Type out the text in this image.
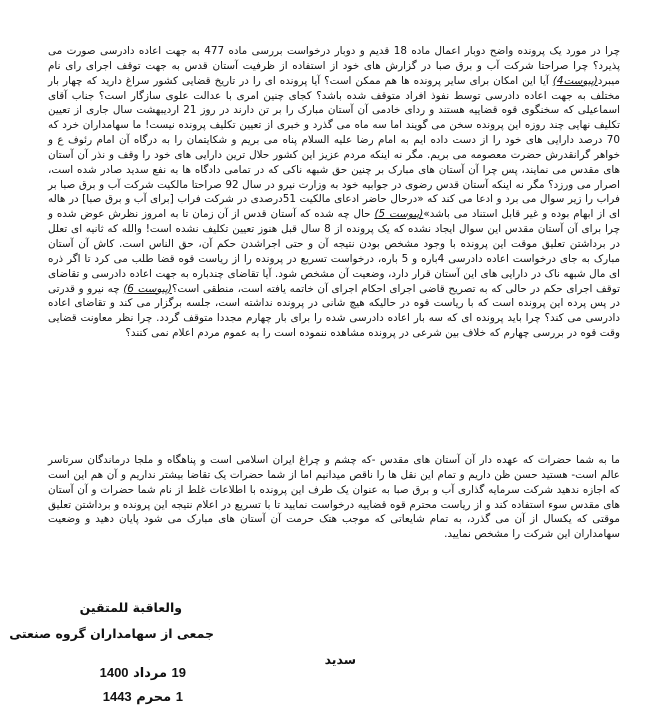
چرا در مورد یک پرونده واضح دوبار اعمال ماده 18 قدیم و دوبار درخواست بررسی ماده 477 به جهت اعاده دادرسی صورت می پذیرد؟ چرا صراحتا شرکت آب و برق صبا در گزارش های خود از استفاده از ظرفیت آستان قدس به جهت توقف اجرای رای نام میبرد(پیوست4) آیا این امکان برای سایر پرونده ها هم ممکن است؟ آیا پرونده ای را در تاریخ قضایی کشور سراغ دارید که چهار بار مختلف به جهت اعاده دادرسی توسط نفوذ افراد متوقف شده باشد؟ کجای چنین امری با عدالت علوی سازگار است؟ جناب آقای اسماعیلی که سخنگوی قوه قضاییه هستند و ردای خادمی آن آستان مبارک را بر تن دارند در روز 21 اردیبهشت سال جاری از تعیین تکلیف نهایی چند روزه این پرونده سخن می گویند اما سه ماه می گذرد و خبری از تعیین تکلیف پرونده نیست! ما سهامداران خرد که 70 درصد دارایی های خود را از دست داده ایم به امام رضا علیه السلام پناه می بریم و شکایتمان را به درگاه آن امام رئوف ع و خواهر گرانقدرش حضرت معصومه می بریم. مگر نه اینکه مردم عزیز این کشور حلال ترین دارایی های خود را وقف و نذر آن آستان های مقدس می نمایند، پس چرا آن آستان های مبارک بر چنین حق شبهه ناکی که در تمامی دادگاه ها به نفع سدید صادر شده است، اصرار می ورزد؟ مگر نه اینکه آستان قدس رضوی در جوابیه خود به وزارت نیرو در سال 92 صراحتا مالکیت شرکت آب و برق صبا بر فراب را زیر سوال می برد و ادعا می کند که «درحال حاضر ادعای مالکیت 51درصدی در شرکت فراب [برای آب و برق صبا] در هاله ای از ابهام بوده و غیر قابل استناد می باشد»(پیوست 5) حال چه شده که آستان قدس از آن زمان تا به امروز نظرش عوض شده و چرا برای آن آستان مقدس این سوال ایجاد نشده که یک پرونده از 8 سال قبل هنوز تعیین تکلیف نشده است! والله که ثانیه ای تعلل در برداشتن تعلیق موقت این پرونده با وجود مشخص بودن نتیجه آن و حتی اجراشدن حکم آن، حق الناس است. کاش آن آستان مبارک به جای درخواست اعاده دادرسی 4باره و 5 باره، درخواست تسریع در پرونده را از ریاست قوه قضا طلب می کرد تا اگر ذره ای مال شبهه ناک در دارایی های این آستان قرار دارد، وضعیت آن مشخص شود. آیا تقاضای چندباره به جهت اعاده دادرسی و تقاضای توقف اجرای حکم در حالی که به تصریح قاضی اجرای احکام اجرای آن خاتمه یافته است، منطقی است؟(پیوست 6) چه نیرو و قدرتی در پس پرده این پرونده است که با ریاست قوه در حالیکه هیچ شانی در پرونده نداشته است، جلسه برگزار می کند و تقاضای اعاده دادرسی می کند؟ چرا باید پرونده ای که سه بار اعاده دادرسی شده را برای بار چهارم مجددا متوقف گردد. چرا نظر معاونت قضایی وقت قوه در بررسی چهارم که خلاف بین شرعی در پرونده مشاهده ننموده است را به عموم مردم اعلام نمی کنند؟

ما به شما حضرات که عهده دار آن آستان های مقدس -که چشم و چراغ ایران اسلامی است و پناهگاه و ملجا درماندگان سرتاسر عالم است- هستید حسن ظن داریم و تمام این نقل ها را ناقص میدانیم اما از شما حضرات یک تقاضا بیشتر نداریم و آن هم این است که اجازه ندهید شرکت سرمایه گذاری آب و برق صبا به عنوان یک طرف این پرونده با اطلاعات غلط از نام شما حضرات و آن آستان های مقدس سوء استفاده کند و از ریاست محترم قوه قضاییه درخواست نمایید تا با تسریع در اعلام نتیجه این پرونده و برداشتن تعلیق موقتی که یکسال از آن می گذرد، به تمام شایعاتی که موجب هتک حرمت آن آستان های مبارک می شود پایان دهید و وضعیت سهامداران این شرکت را مشخص نمایید.

والعاقبة للمتقین

جمعی از سهامداران گروه صنعتی

سدید

19 مرداد 1400

1 محرم 1443
